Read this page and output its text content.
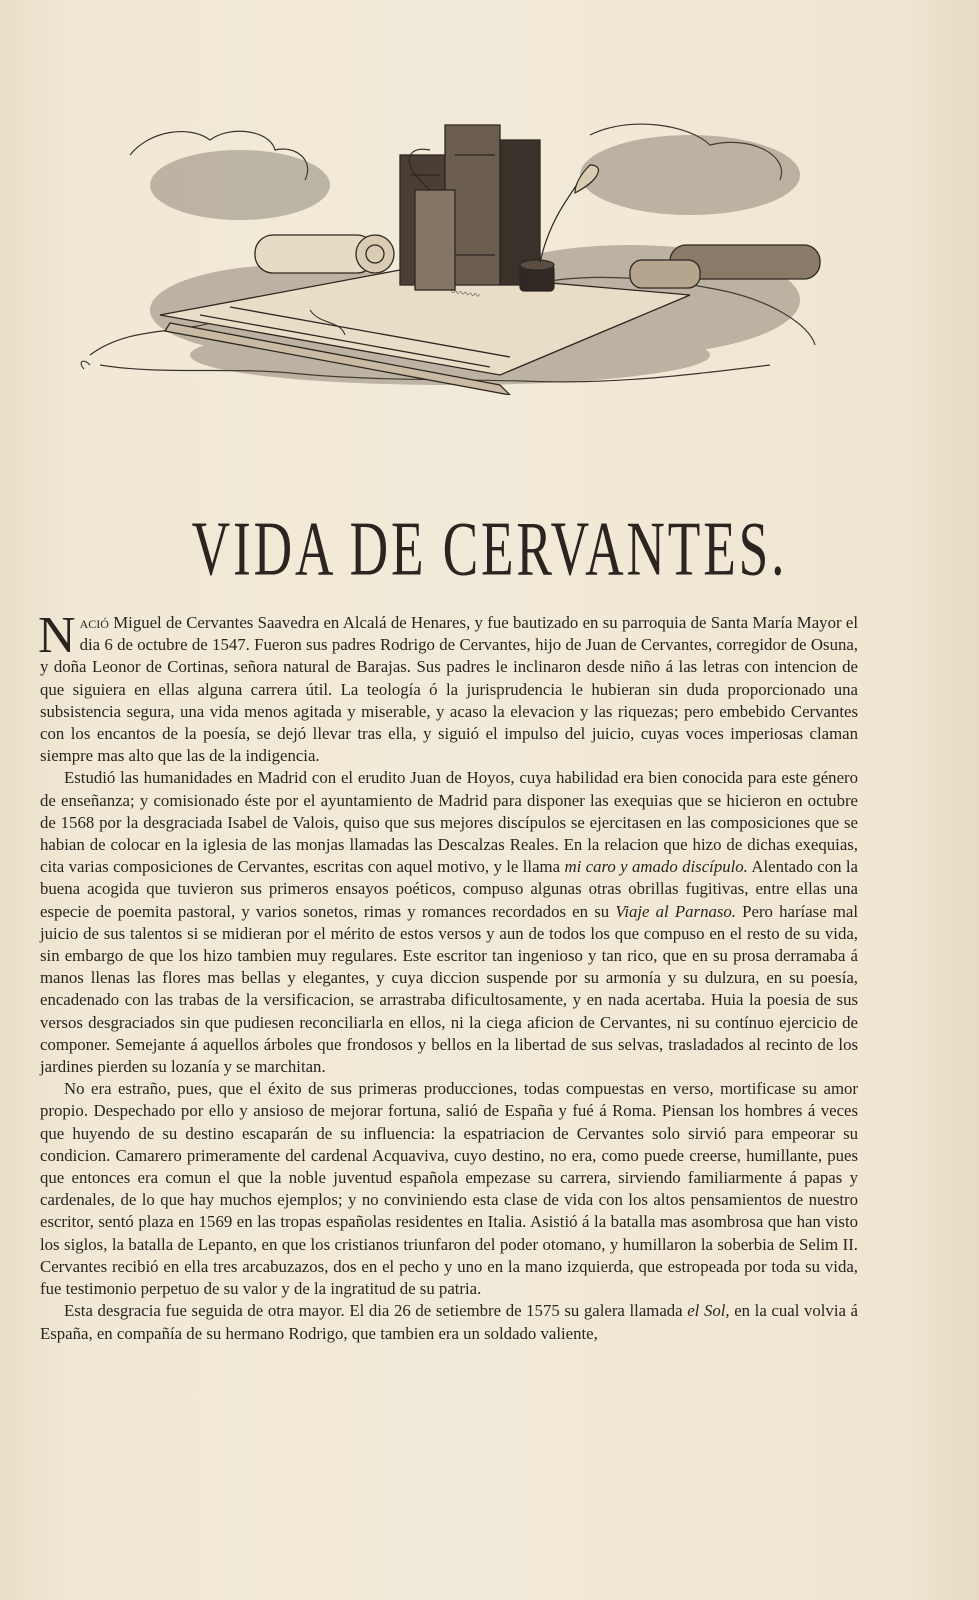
〰〰〰
VIDA DE CERVANTES.

Nació Miguel de Cervantes Saavedra en Alcalá de Henares, y fue bautizado en su parroquia de Santa María Mayor el dia 6 de octubre de 1547. Fueron sus padres Rodrigo de Cervantes, hijo de Juan de Cervantes, corregidor de Osuna, y doña Leonor de Cortinas, señora natural de Barajas. Sus padres le inclinaron desde niño á las letras con intencion de que siguiera en ellas alguna carrera útil. La teología ó la jurisprudencia le hubieran sin duda proporcionado una subsistencia segura, una vida menos agitada y miserable, y acaso la elevacion y las riquezas; pero embebido Cervantes con los encantos de la poesía, se dejó llevar tras ella, y siguió el impulso del juicio, cuyas voces imperiosas claman siempre mas alto que las de la indigencia.

Estudió las humanidades en Madrid con el erudito Juan de Hoyos, cuya habilidad era bien conocida para este género de enseñanza; y comisionado éste por el ayuntamiento de Madrid para disponer las exequias que se hicieron en octubre de 1568 por la desgraciada Isabel de Valois, quiso que sus mejores discípulos se ejercitasen en las composiciones que se habian de colocar en la iglesia de las monjas llamadas las Descalzas Reales. En la relacion que hizo de dichas exequias, cita varias composiciones de Cervantes, escritas con aquel motivo, y le llama mi caro y amado discípulo. Alentado con la buena acogida que tuvieron sus primeros ensayos poéticos, compuso algunas otras obrillas fugitivas, entre ellas una especie de poemita pastoral, y varios sonetos, rimas y romances recordados en su Viaje al Parnaso. Pero haríase mal juicio de sus talentos si se midieran por el mérito de estos versos y aun de todos los que compuso en el resto de su vida, sin embargo de que los hizo tambien muy regulares. Este escritor tan ingenioso y tan rico, que en su prosa derramaba á manos llenas las flores mas bellas y elegantes, y cuya diccion suspende por su armonía y su dulzura, en su poesía, encadenado con las trabas de la versificacion, se arrastraba dificultosamente, y en nada acertaba. Huia la poesia de sus versos desgraciados sin que pudiesen reconciliarla en ellos, ni la ciega aficion de Cervantes, ni su contínuo ejercicio de componer. Semejante á aquellos árboles que frondosos y bellos en la libertad de sus selvas, trasladados al recinto de los jardines pierden su lozanía y se marchitan.

No era estraño, pues, que el éxito de sus primeras producciones, todas compuestas en verso, mortificase su amor propio. Despechado por ello y ansioso de mejorar fortuna, salió de España y fué á Roma. Piensan los hombres á veces que huyendo de su destino escaparán de su influencia: la espatriacion de Cervantes solo sirvió para empeorar su condicion. Camarero primeramente del cardenal Acquaviva, cuyo destino, no era, como puede creerse, humillante, pues que entonces era comun el que la noble juventud española empezase su carrera, sirviendo familiarmente á papas y cardenales, de lo que hay muchos ejemplos; y no conviniendo esta clase de vida con los altos pensamientos de nuestro escritor, sentó plaza en 1569 en las tropas españolas residentes en Italia. Asistió á la batalla mas asombrosa que han visto los siglos, la batalla de Lepanto, en que los cristianos triunfaron del poder otomano, y humillaron la soberbia de Selim II. Cervantes recibió en ella tres arcabuzazos, dos en el pecho y uno en la mano izquierda, que estropeada por toda su vida, fue testimonio perpetuo de su valor y de la ingratitud de su patria.

Esta desgracia fue seguida de otra mayor. El dia 26 de setiembre de 1575 su galera llamada el Sol, en la cual volvia á España, en compañía de su hermano Rodrigo, que tambien era un soldado valiente,
